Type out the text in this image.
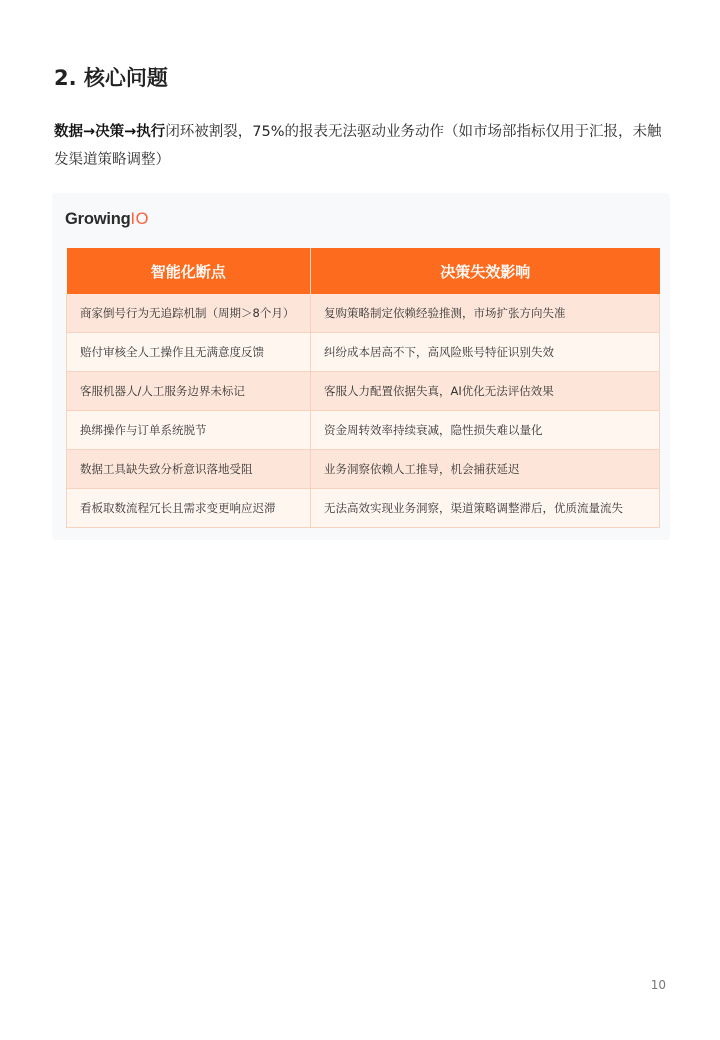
2. 核心问题

数据→决策→执行闭环被割裂，75%的报表无法驱动业务动作（如市场部指标仅用于汇报，未触发渠道策略调整）

GrowingIO
智能化断点	决策失效影响
商家倒号行为无追踪机制（周期＞8个月）	复购策略制定依赖经验推测，市场扩张方向失准
赔付审核全人工操作且无满意度反馈	纠纷成本居高不下，高风险账号特征识别失效
客服机器人/人工服务边界未标记	客服人力配置依据失真，AI优化无法评估效果
换绑操作与订单系统脱节	资金周转效率持续衰减，隐性损失难以量化
数据工具缺失致分析意识落地受阻	业务洞察依赖人工推导，机会捕获延迟
看板取数流程冗长且需求变更响应迟滞	无法高效实现业务洞察，渠道策略调整滞后，优质流量流失
10
